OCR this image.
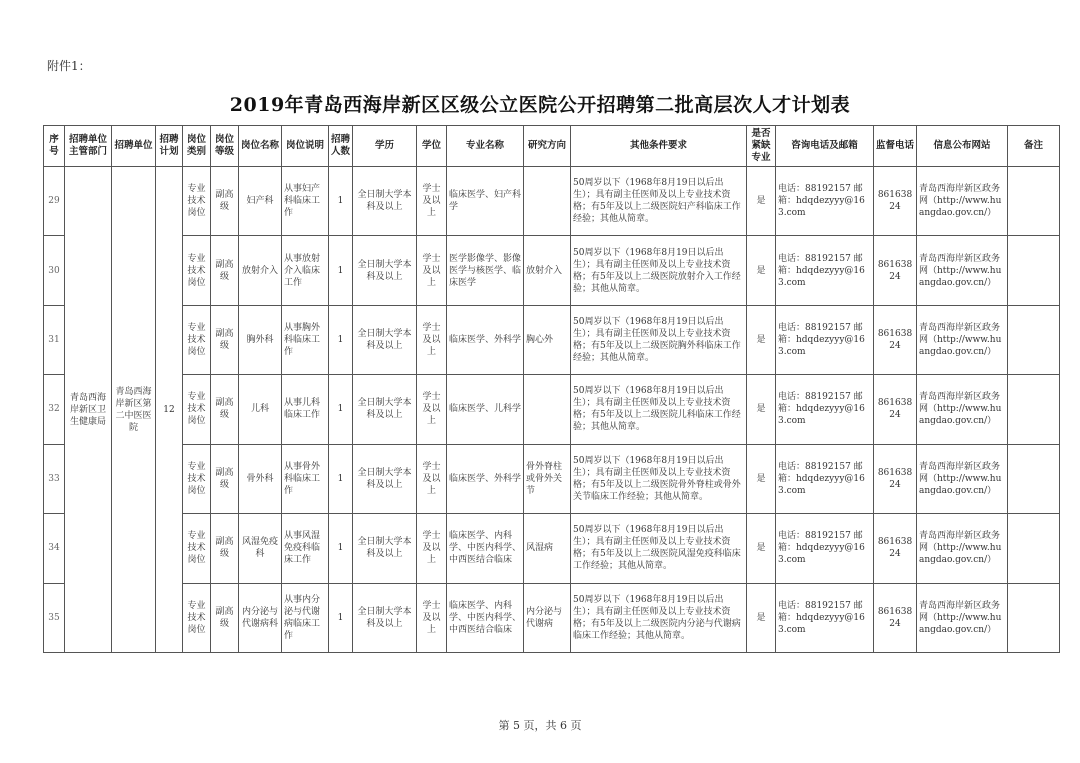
附件1：
2019年青岛西海岸新区区级公立医院公开招聘第二批高层次人才计划表
序号	招聘单位主管部门	招聘单位	招聘计划	岗位类别	岗位等级	岗位名称	岗位说明	招聘人数	学历	学位	专业名称	研究方向	其他条件要求	是否紧缺专业	咨询电话及邮箱	监督电话	信息公布网站	备注
29	青岛西海岸新区卫生健康局	青岛西海岸新区第二中医医院	12	专业技术岗位	副高级	妇产科	从事妇产科临床工作	1	全日制大学本科及以上	学士及以上	临床医学、妇产科学		50周岁以下（1968年8月19日以后出生）；具有副主任医师及以上专业技术资格；有5年及以上二级医院妇产科临床工作经验；其他从简章。	是	电话：88192157 邮箱：hdqdezyyy@163.com	86163824	青岛西海岸新区政务网（http://www.huangdao.gov.cn/）	
30				专业技术岗位	副高级	放射介入	从事放射介入临床工作	1	全日制大学本科及以上	学士及以上	医学影像学、影像医学与核医学、临床医学	放射介入	50周岁以下（1968年8月19日以后出生）；具有副主任医师及以上专业技术资格；有5年及以上二级医院放射介入工作经验；其他从简章。	是	电话：88192157 邮箱：hdqdezyyy@163.com	86163824	青岛西海岸新区政务网（http://www.huangdao.gov.cn/）	
31				专业技术岗位	副高级	胸外科	从事胸外科临床工作	1	全日制大学本科及以上	学士及以上	临床医学、外科学	胸心外	50周岁以下（1968年8月19日以后出生）；具有副主任医师及以上专业技术资格；有5年及以上二级医院胸外科临床工作经验；其他从简章。	是	电话：88192157 邮箱：hdqdezyyy@163.com	86163824	青岛西海岸新区政务网（http://www.huangdao.gov.cn/）	
32				专业技术岗位	副高级	儿科	从事儿科临床工作	1	全日制大学本科及以上	学士及以上	临床医学、儿科学		50周岁以下（1968年8月19日以后出生）；具有副主任医师及以上专业技术资格；有5年及以上二级医院儿科临床工作经验；其他从简章。	是	电话：88192157 邮箱：hdqdezyyy@163.com	86163824	青岛西海岸新区政务网（http://www.huangdao.gov.cn/）	
33				专业技术岗位	副高级	骨外科	从事骨外科临床工作	1	全日制大学本科及以上	学士及以上	临床医学、外科学	骨外脊柱或骨外关节	50周岁以下（1968年8月19日以后出生）；具有副主任医师及以上专业技术资格；有5年及以上二级医院骨外脊柱或骨外关节临床工作经验；其他从简章。	是	电话：88192157 邮箱：hdqdezyyy@163.com	86163824	青岛西海岸新区政务网（http://www.huangdao.gov.cn/）	
34				专业技术岗位	副高级	风湿免疫科	从事风湿免疫科临床工作	1	全日制大学本科及以上	学士及以上	临床医学、内科学、中医内科学、中西医结合临床	风湿病	50周岁以下（1968年8月19日以后出生）；具有副主任医师及以上专业技术资格；有5年及以上二级医院风湿免疫科临床工作经验；其他从简章。	是	电话：88192157 邮箱：hdqdezyyy@163.com	86163824	青岛西海岸新区政务网（http://www.huangdao.gov.cn/）	
35				专业技术岗位	副高级	内分泌与代谢病科	从事内分泌与代谢病临床工作	1	全日制大学本科及以上	学士及以上	临床医学、内科学、中医内科学、中西医结合临床	内分泌与代谢病	50周岁以下（1968年8月19日以后出生）；具有副主任医师及以上专业技术资格；有5年及以上二级医院内分泌与代谢病临床工作经验；其他从简章。	是	电话：88192157 邮箱：hdqdezyyy@163.com	86163824	青岛西海岸新区政务网（http://www.huangdao.gov.cn/）	
第 5 页，共 6 页
